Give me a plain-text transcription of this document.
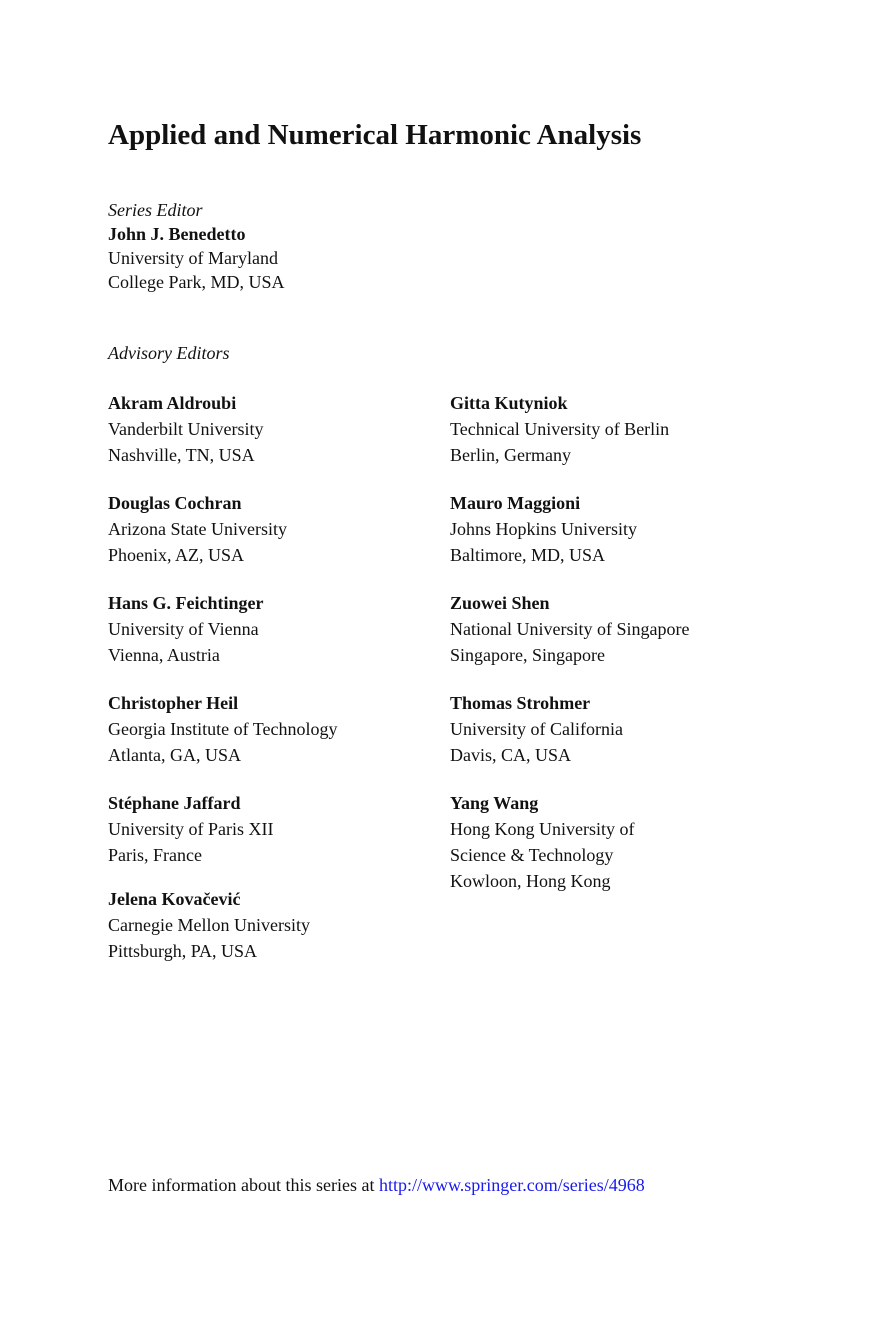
Applied and Numerical Harmonic Analysis
Series Editor
John J. Benedetto
University of Maryland
College Park, MD, USA
Advisory Editors
Akram Aldroubi
Vanderbilt University
Nashville, TN, USA
Douglas Cochran
Arizona State University
Phoenix, AZ, USA
Hans G. Feichtinger
University of Vienna
Vienna, Austria
Christopher Heil
Georgia Institute of Technology
Atlanta, GA, USA
Stéphane Jaffard
University of Paris XII
Paris, France
Jelena Kovačević
Carnegie Mellon University
Pittsburgh, PA, USA
Gitta Kutyniok
Technical University of Berlin
Berlin, Germany
Mauro Maggioni
Johns Hopkins University
Baltimore, MD, USA
Zuowei Shen
National University of Singapore
Singapore, Singapore
Thomas Strohmer
University of California
Davis, CA, USA
Yang Wang
Hong Kong University of
Science & Technology
Kowloon, Hong Kong
More information about this series at http://www.springer.com/series/4968
